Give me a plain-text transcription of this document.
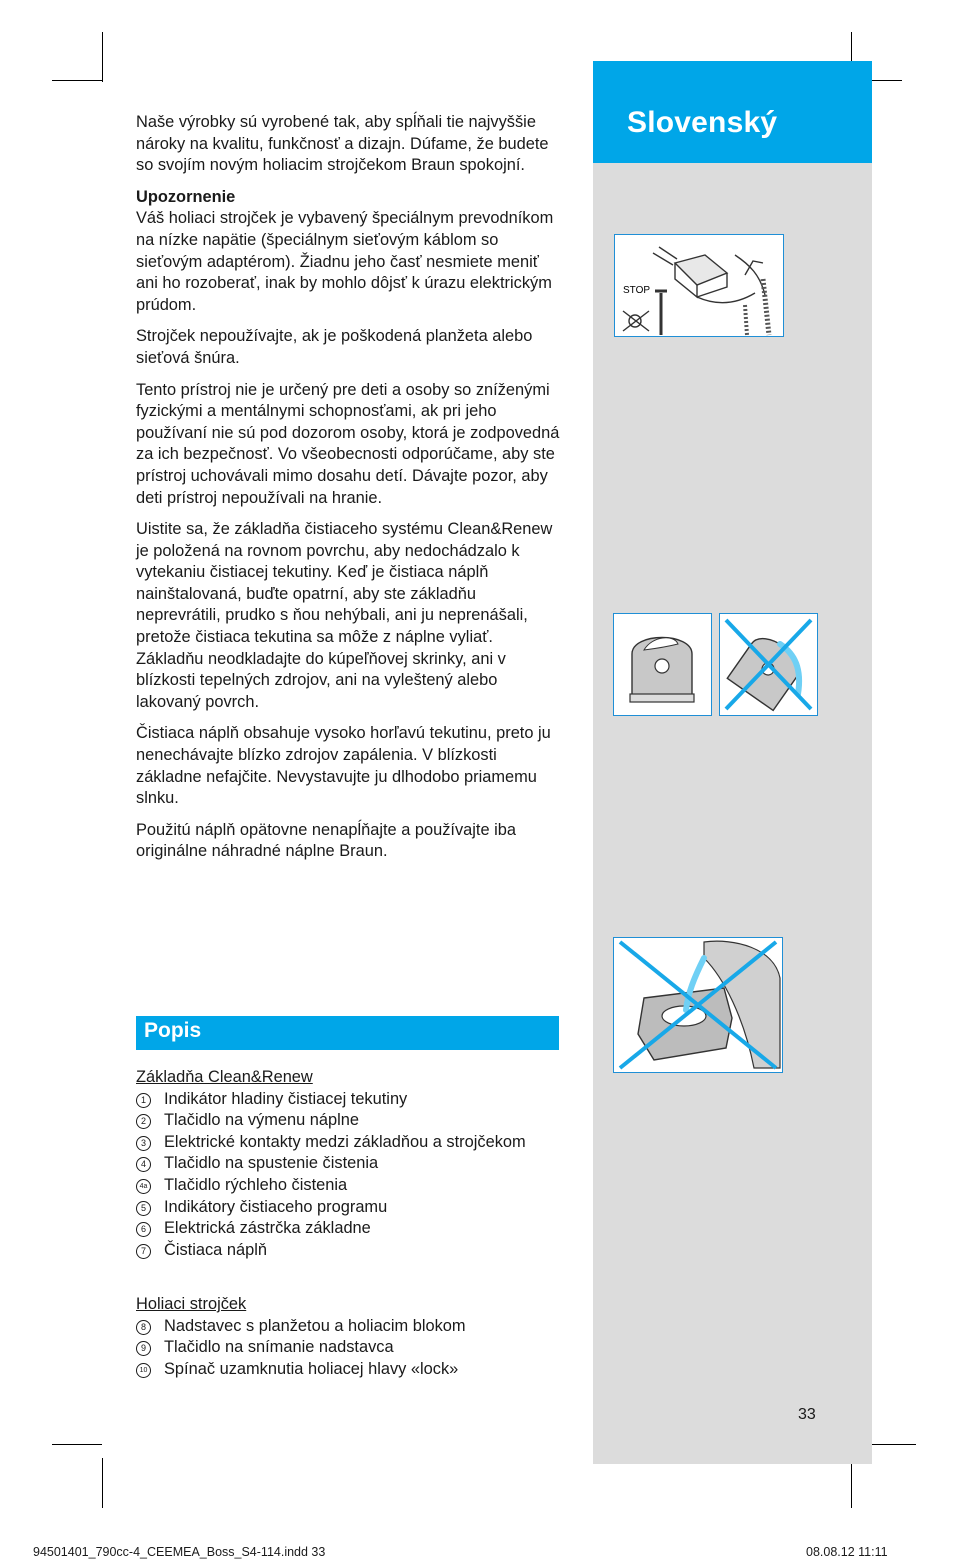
Slovenský
STOP

Naše výrobky sú vyrobené tak, aby spĺňali tie najvyššie nároky na kvalitu, funkčnosť a dizajn. Dúfame, že budete so svojím novým holiacim strojčekom Braun spokojní.

Upozornenie

Váš holiaci strojček je vybavený špeciálnym prevodníkom na nízke napätie (špeciálnym sieťovým káblom so sieťovým adaptérom). Žiadnu jeho časť nesmiete meniť ani ho rozoberať, inak by mohlo dôjsť k úrazu elektrickým prúdom.

Strojček nepoužívajte, ak je poškodená planžeta alebo sieťová šnúra.

Tento prístroj nie je určený pre deti a osoby so zníženými fyzickými a mentálnymi schopnosťami, ak pri jeho používaní nie sú pod dozorom osoby, ktorá je zodpovedná za ich bezpečnosť. Vo všeobecnosti odporúčame, aby ste prístroj uchovávali mimo dosahu detí. Dávajte pozor, aby deti prístroj nepoužívali na hranie.

Uistite sa, že základňa čistiaceho systému Clean&Renew je položená na rovnom povrchu, aby nedochádzalo k vytekaniu čistiacej tekutiny. Keď je čistiaca náplň nainštalovaná, buďte opatrní, aby ste základňu neprevrátili, prudko s ňou nehýbali, ani ju neprenášali, pretože čistiaca tekutina sa môže z náplne vyliať. Základňu neodkladajte do kúpeľňovej skrinky, ani v blízkosti tepelných zdrojov, ani na vyleštený alebo lakovaný povrch.

Čistiaca náplň obsahuje vysoko horľavú tekutinu, preto ju nenechávajte blízko zdrojov zapálenia. V blízkosti základne nefajčite. Nevystavujte ju dlhodobo priamemu slnku.

Použitú náplň opätovne nenapĺňajte a používajte iba originálne náhradné náplne Braun.

Popis
Základňa Clean&Renew
1	Indikátor hladiny čistiacej tekutiny
2	Tlačidlo na výmenu náplne
3	Elektrické kontakty medzi základňou a strojčekom
4	Tlačidlo na spustenie čistenia
4a Tlačidlo rýchleho čistenia
5	Indikátory čistiaceho programu
6	Elektrická zástrčka základne
7	Čistiaca náplň
Holiaci strojček
8	Nadstavec s planžetou a holiacim blokom
9	Tlačidlo na snímanie nadstavca
10 Spínač uzamknutia holiacej hlavy «lock»
33
94501401_790cc-4_CEEMEA_Boss_S4-114.indd 33	08.08.12 11:11
